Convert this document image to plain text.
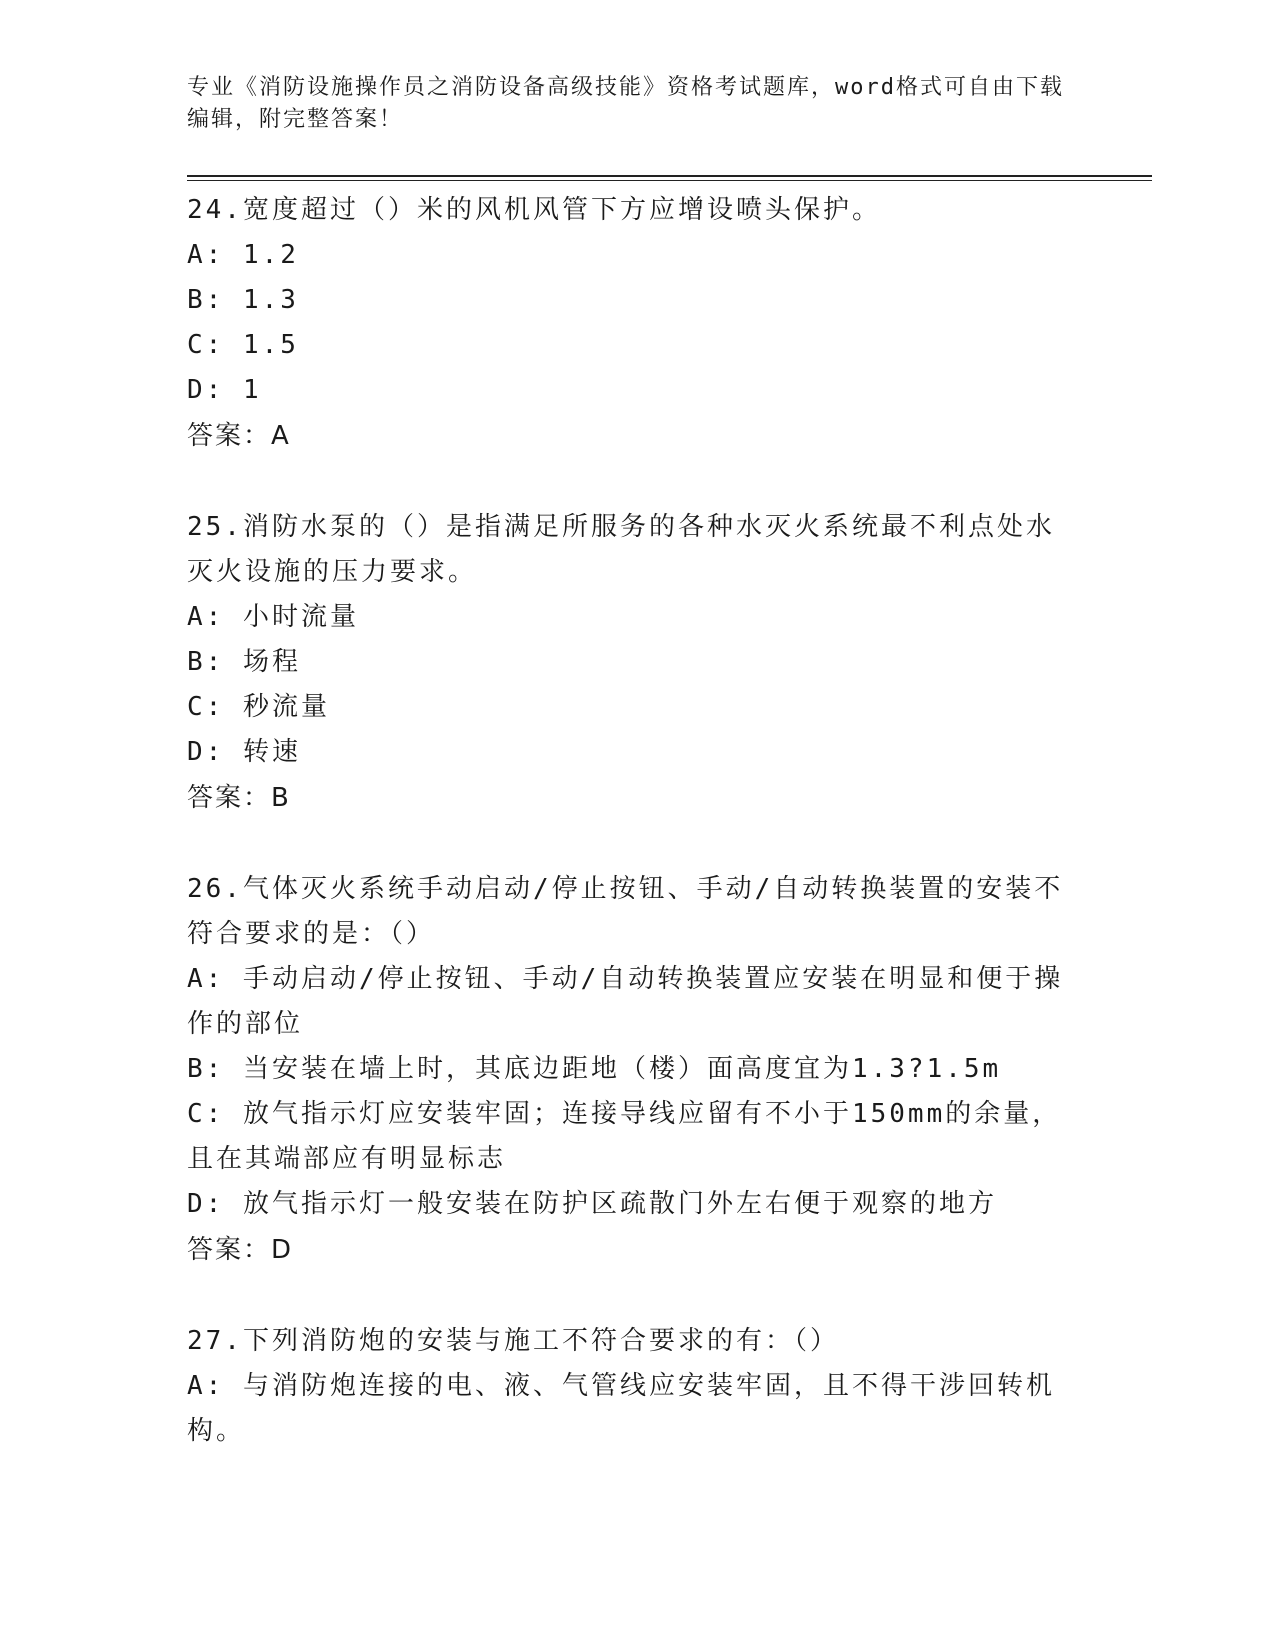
专业《消防设施操作员之消防设备高级技能》资格考试题库，word格式可自由下载编辑，附完整答案！
24.宽度超过（）米的风机风管下方应增设喷头保护。
A: 1.2
B: 1.3
C: 1.5
D: 1
答案：A
25.消防水泵的（）是指满足所服务的各种水灭火系统最不利点处水灭火设施的压力要求。
A: 小时流量
B: 场程
C: 秒流量
D: 转速
答案：B
26.气体灭火系统手动启动/停止按钮、手动/自动转换装置的安装不符合要求的是：（）
A: 手动启动/停止按钮、手动/自动转换装置应安装在明显和便于操作的部位
B: 当安装在墙上时，其底边距地（楼）面高度宜为1.3?1.5m
C: 放气指示灯应安装牢固；连接导线应留有不小于150mm的余量，且在其端部应有明显标志
D: 放气指示灯一般安装在防护区疏散门外左右便于观察的地方
答案：D
27.下列消防炮的安装与施工不符合要求的有：（）
A: 与消防炮连接的电、液、气管线应安装牢固，且不得干涉回转机构。
